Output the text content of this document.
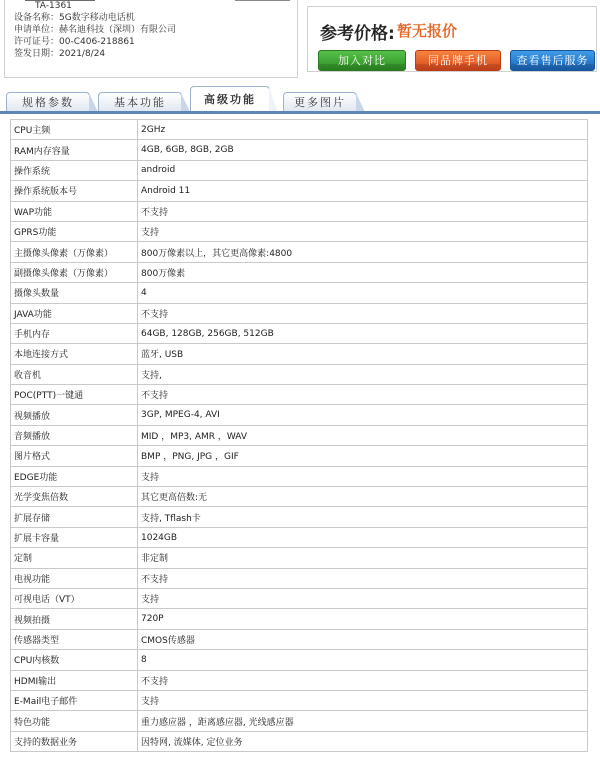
TA-1361
设备名称：5G数字移动电话机
申请单位：赫名迪科技（深圳）有限公司
许可证号：00-C406-218861
签发日期：2021/8/24
参考价格: 暂无报价
加入对比	同品牌手机	查看售后服务
规格参数	基本功能	高级功能	更多图片
CPU主频	2GHz
RAM内存容量	4GB, 6GB, 8GB, 2GB
操作系统	android
操作系统版本号	Android 11
WAP功能	不支持
GPRS功能	支持
主摄像头像素（万像素）	800万像素以上，其它更高像素:4800
副摄像头像素（万像素）	800万像素
摄像头数量	4
JAVA功能	不支持
手机内存	64GB, 128GB, 256GB, 512GB
本地连接方式	蓝牙, USB
收音机	支持,
POC(PTT)一键通	不支持
视频播放	3GP, MPEG-4, AVI
音频播放	MID ，MP3, AMR ，WAV
图片格式	BMP ，PNG, JPG ，GIF
EDGE功能	支持
光学变焦倍数	其它更高倍数:无
扩展存储	支持, Tflash卡
扩展卡容量	1024GB
定制	非定制
电视功能	不支持
可视电话（VT）	支持
视频拍摄	720P
传感器类型	CMOS传感器
CPU内核数	8
HDMI输出	不支持
E-Mail电子邮件	支持
特色功能	重力感应器 ，距离感应器, 光线感应器
支持的数据业务	因特网, 流媒体, 定位业务
